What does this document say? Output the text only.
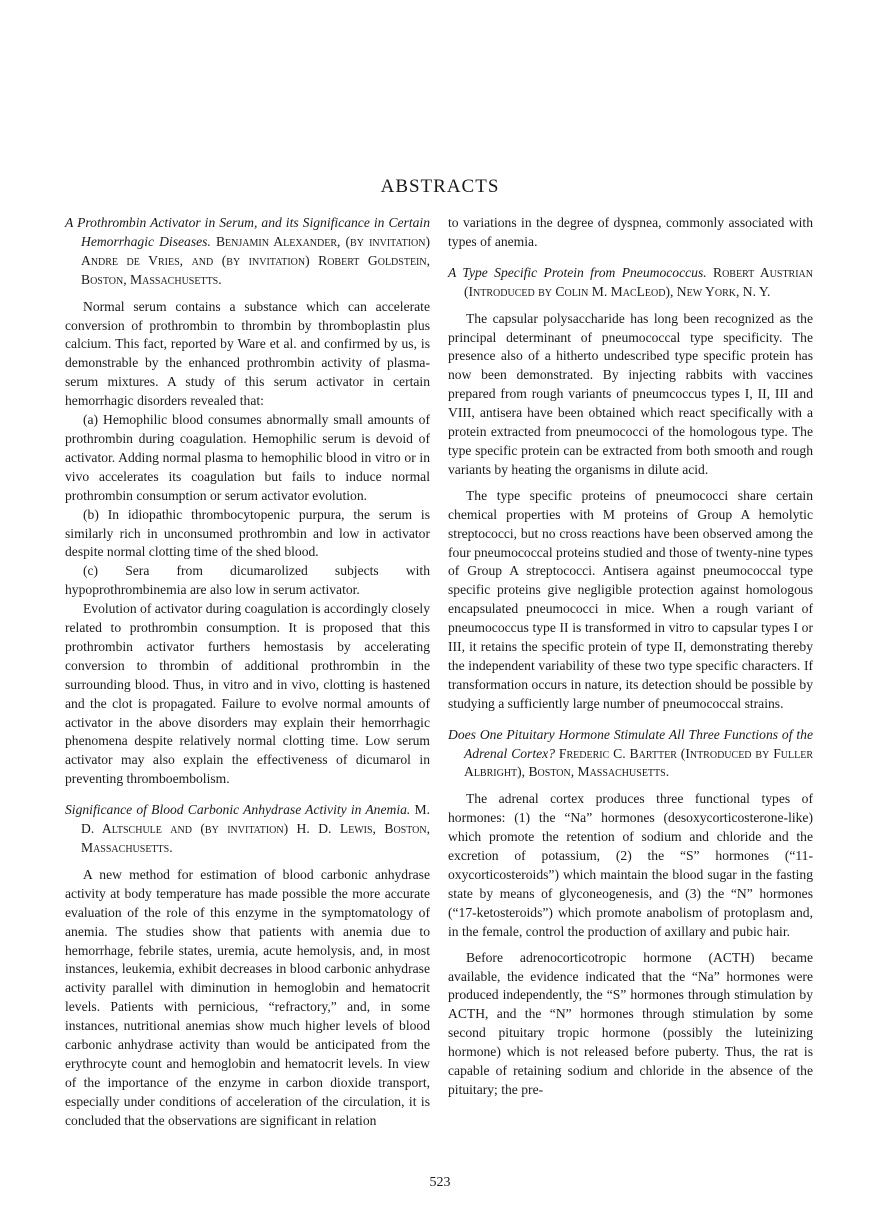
ABSTRACTS

A Prothrombin Activator in Serum, and its Significance in Certain Hemorrhagic Diseases. Benjamin Alexander, (by invitation) Andre de Vries, and (by invitation) Robert Goldstein, Boston, Massachusetts.

Normal serum contains a substance which can accelerate conversion of prothrombin to thrombin by thromboplastin plus calcium. This fact, reported by Ware et al. and confirmed by us, is demonstrable by the enhanced prothrombin activity of plasma-serum mixtures. A study of this serum activator in certain hemorrhagic disorders revealed that:

(a) Hemophilic blood consumes abnormally small amounts of prothrombin during coagulation. Hemophilic serum is devoid of activator. Adding normal plasma to hemophilic blood in vitro or in vivo accelerates its coagulation but fails to induce normal prothrombin consumption or serum activator evolution.

(b) In idiopathic thrombocytopenic purpura, the serum is similarly rich in unconsumed prothrombin and low in activator despite normal clotting time of the shed blood.

(c) Sera from dicumarolized subjects with hypoprothrombinemia are also low in serum activator.

Evolution of activator during coagulation is accordingly closely related to prothrombin consumption. It is proposed that this prothrombin activator furthers hemostasis by accelerating conversion to thrombin of additional prothrombin in the surrounding blood. Thus, in vitro and in vivo, clotting is hastened and the clot is propagated. Failure to evolve normal amounts of activator in the above disorders may explain their hemorrhagic phenomena despite relatively normal clotting time. Low serum activator may also explain the effectiveness of dicumarol in preventing thromboembolism.

Significance of Blood Carbonic Anhydrase Activity in Anemia. M. D. Altschule and (by invitation) H. D. Lewis, Boston, Massachusetts.

A new method for estimation of blood carbonic anhydrase activity at body temperature has made possible the more accurate evaluation of the role of this enzyme in the symptomatology of anemia. The studies show that patients with anemia due to hemorrhage, febrile states, uremia, acute hemolysis, and, in most instances, leukemia, exhibit decreases in blood carbonic anhydrase activity parallel with diminution in hemoglobin and hematocrit levels. Patients with pernicious, “refractory,” and, in some instances, nutritional anemias show much higher levels of blood carbonic anhydrase activity than would be anticipated from the erythrocyte count and hemoglobin and hematocrit levels. In view of the importance of the enzyme in carbon dioxide transport, especially under conditions of acceleration of the circulation, it is concluded that the observations are significant in relation

to variations in the degree of dyspnea, commonly associated with types of anemia.

A Type Specific Protein from Pneumococcus. Robert Austrian (Introduced by Colin M. MacLeod), New York, N. Y.

The capsular polysaccharide has long been recognized as the principal determinant of pneumococcal type specificity. The presence also of a hitherto undescribed type specific protein has now been demonstrated. By injecting rabbits with vaccines prepared from rough variants of pneumcoccus types I, II, III and VIII, antisera have been obtained which react specifically with a protein extracted from pneumococci of the homologous type. The type specific protein can be extracted from both smooth and rough variants by heating the organisms in dilute acid.

The type specific proteins of pneumococci share certain chemical properties with M proteins of Group A hemolytic streptococci, but no cross reactions have been observed among the four pneumococcal proteins studied and those of twenty-nine types of Group A streptococci. Antisera against pneumococcal type specific proteins give negligible protection against homologous encapsulated pneumococci in mice. When a rough variant of pneumococcus type II is transformed in vitro to capsular types I or III, it retains the specific protein of type II, demonstrating thereby the independent variability of these two type specific characters. If transformation occurs in nature, its detection should be possible by studying a sufficiently large number of pneumococcal strains.

Does One Pituitary Hormone Stimulate All Three Functions of the Adrenal Cortex? Frederic C. Bartter (Introduced by Fuller Albright), Boston, Massachusetts.

The adrenal cortex produces three functional types of hormones: (1) the “Na” hormones (desoxycorticosterone-like) which promote the retention of sodium and chloride and the excretion of potassium, (2) the “S” hormones (“11-oxycorticosteroids”) which maintain the blood sugar in the fasting state by means of glyconeogenesis, and (3) the “N” hormones (“17-ketosteroids”) which promote anabolism of protoplasm and, in the female, control the production of axillary and pubic hair.

Before adrenocorticotropic hormone (ACTH) became available, the evidence indicated that the “Na” hormones were produced independently, the “S” hormones through stimulation by ACTH, and the “N” hormones through stimulation by some second pituitary tropic hormone (possibly the luteinizing hormone) which is not released before puberty. Thus, the rat is capable of retaining sodium and chloride in the absence of the pituitary; the pre-

523
